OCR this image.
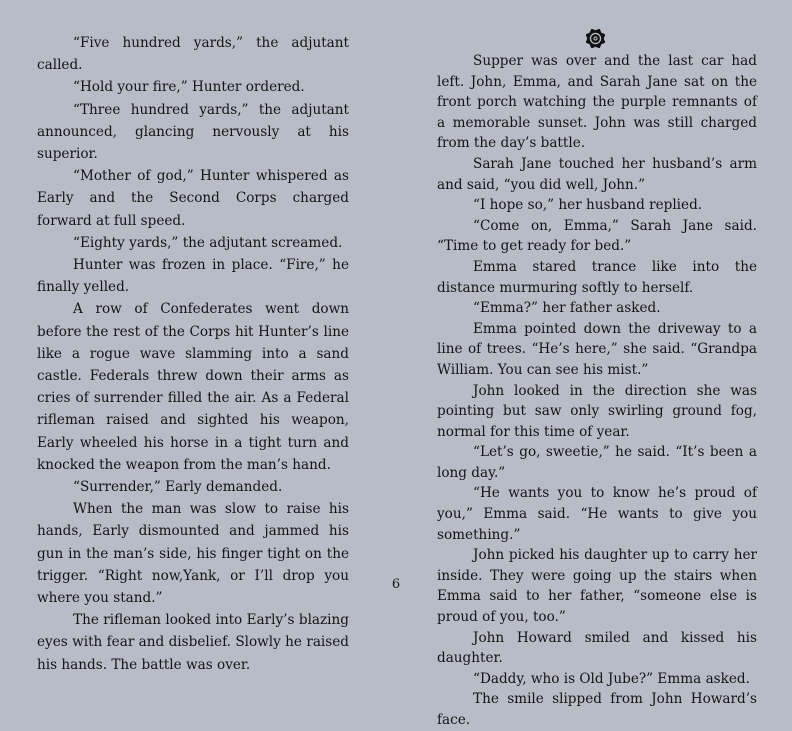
“Five hundred yards,” the adjutant called.

“Hold your fire,” Hunter ordered.

“Three hundred yards,” the adjutant announced, glancing nervously at his superior.

“Mother of god,” Hunter whispered as Early and the Second Corps charged forward at full speed.

“Eighty yards,” the adjutant screamed.

Hunter was frozen in place. “Fire,” he finally yelled.

A row of Confederates went down before the rest of the Corps hit Hunter’s line like a rogue wave slamming into a sand castle. Federals threw down their arms as cries of surrender filled the air. As a Federal rifleman raised and sighted his weapon, Early wheeled his horse in a tight turn and knocked the weapon from the man’s hand.

“Surrender,” Early demanded.

When the man was slow to raise his hands, Early dismounted and jammed his gun in the man’s side, his finger tight on the trigger. “Right now,Yank, or I’ll drop you where you stand.”

The rifleman looked into Early’s blazing eyes with fear and disbelief. Slowly he raised his hands. The battle was over.

Supper was over and the last car had left. John, Emma, and Sarah Jane sat on the front porch watching the purple remnants of a memorable sunset. John was still charged from the day’s battle.

Sarah Jane touched her husband’s arm and said, “you did well, John.”

“I hope so,” her husband replied.

“Come on, Emma,” Sarah Jane said. “Time to get ready for bed.”

Emma stared trance like into the distance murmuring softly to herself.

“Emma?” her father asked.

Emma pointed down the driveway to a line of trees. “He’s here,” she said. “Grandpa William. You can see his mist.”

John looked in the direction she was pointing but saw only swirling ground fog, normal for this time of year.

“Let’s go, sweetie,” he said. “It’s been a long day.”

“He wants you to know he’s proud of you,” Emma said. “He wants to give you something.”

John picked his daughter up to carry her inside. They were going up the stairs when Emma said to her father, “someone else is proud of you, too.”

John Howard smiled and kissed his daughter.

“Daddy, who is Old Jube?” Emma asked.

The smile slipped from John Howard’s face.

6
